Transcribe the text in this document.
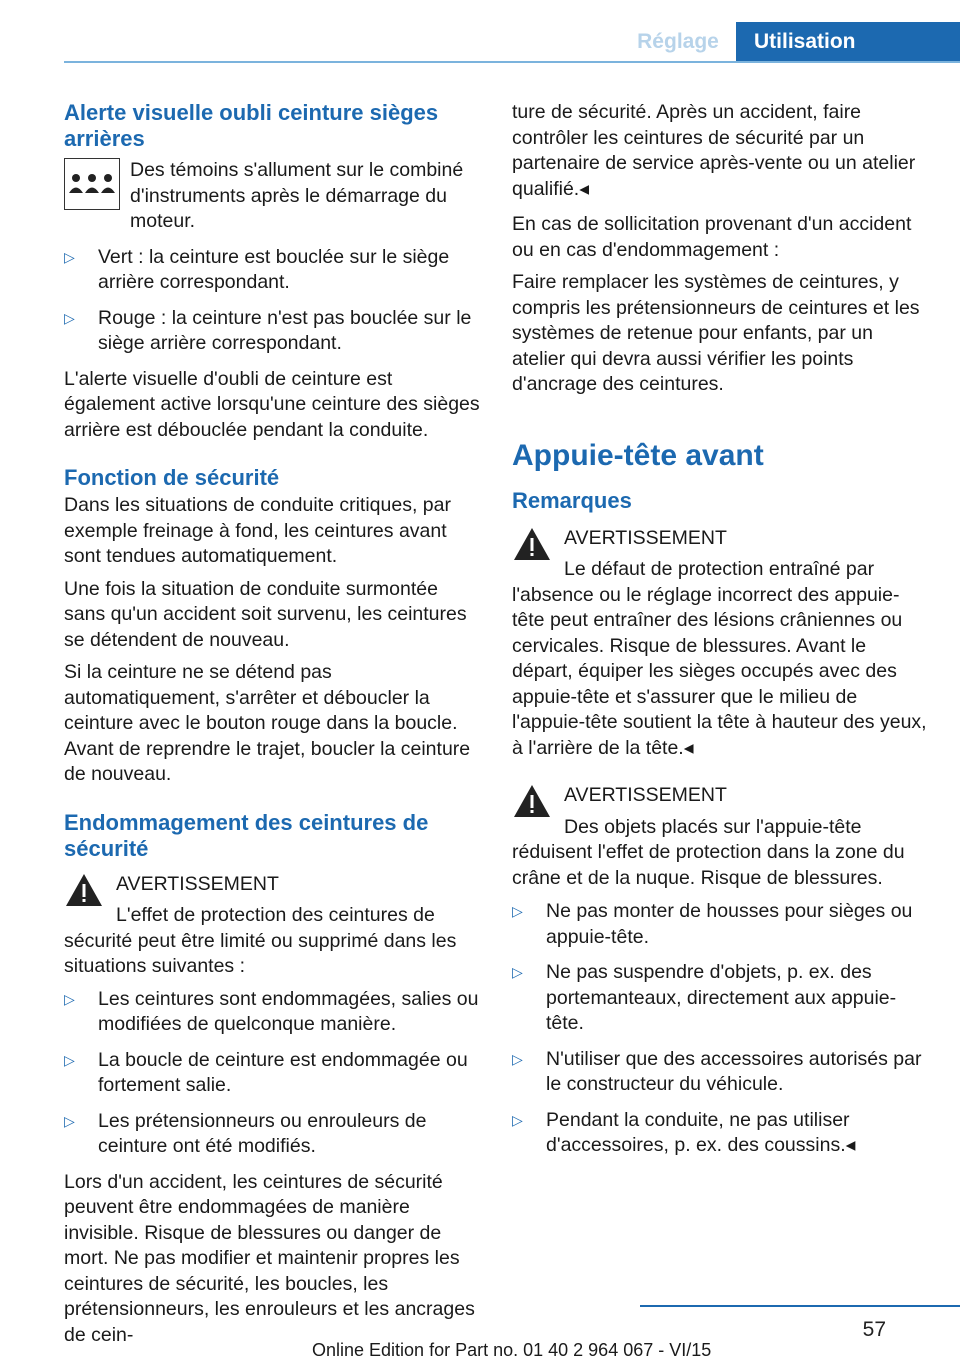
Réglage	Utilisation
Alerte visuelle oubli ceinture sièges arrières
Des témoins s'allument sur le combiné d'instruments après le démarrage du moteur.
▷	Vert : la ceinture est bouclée sur le siège arrière correspondant.
▷	Rouge : la ceinture n'est pas bouclée sur le siège arrière correspondant.
L'alerte visuelle d'oubli de ceinture est également active lorsqu'une ceinture des sièges arrière est débouclée pendant la conduite.
Fonction de sécurité
Dans les situations de conduite critiques, par exemple freinage à fond, les ceintures avant sont tendues automatiquement.
Une fois la situation de conduite surmontée sans qu'un accident soit survenu, les ceintures se détendent de nouveau.
Si la ceinture ne se détend pas automatiquement, s'arrêter et déboucler la ceinture avec le bouton rouge dans la boucle. Avant de reprendre le trajet, boucler la ceinture de nouveau.
Endommagement des ceintures de sécurité
AVERTISSEMENT
L'effet de protection des ceintures de sécurité peut être limité ou supprimé dans les situations suivantes :
▷	Les ceintures sont endommagées, salies ou modifiées de quelconque manière.
▷	La boucle de ceinture est endommagée ou fortement salie.
▷	Les prétensionneurs ou enrouleurs de ceinture ont été modifiés.
Lors d'un accident, les ceintures de sécurité peuvent être endommagées de manière invisible. Risque de blessures ou danger de mort. Ne pas modifier et maintenir propres les ceintures de sécurité, les boucles, les prétensionneurs, les enrouleurs et les ancrages de cein-
ture de sécurité. Après un accident, faire contrôler les ceintures de sécurité par un partenaire de service après-vente ou un atelier qualifié.◂
En cas de sollicitation provenant d'un accident ou en cas d'endommagement :
Faire remplacer les systèmes de ceintures, y compris les prétensionneurs de ceintures et les systèmes de retenue pour enfants, par un atelier qui devra aussi vérifier les points d'ancrage des ceintures.
Appuie-tête avant
Remarques
AVERTISSEMENT
Le défaut de protection entraîné par l'absence ou le réglage incorrect des appuie-tête peut entraîner des lésions crâniennes ou cervicales. Risque de blessures. Avant le départ, équiper les sièges occupés avec des appuie-tête et s'assurer que le milieu de l'appuie-tête soutient la tête à hauteur des yeux, à l'arrière de la tête.◂
AVERTISSEMENT
Des objets placés sur l'appuie-tête réduisent l'effet de protection dans la zone du crâne et de la nuque. Risque de blessures.
▷	Ne pas monter de housses pour sièges ou appuie-tête.
▷	Ne pas suspendre d'objets, p. ex. des portemanteaux, directement aux appuie-tête.
▷	N'utiliser que des accessoires autorisés par le constructeur du véhicule.
▷	Pendant la conduite, ne pas utiliser d'accessoires, p. ex. des coussins.◂
57
Online Edition for Part no. 01 40 2 964 067 - VI/15
